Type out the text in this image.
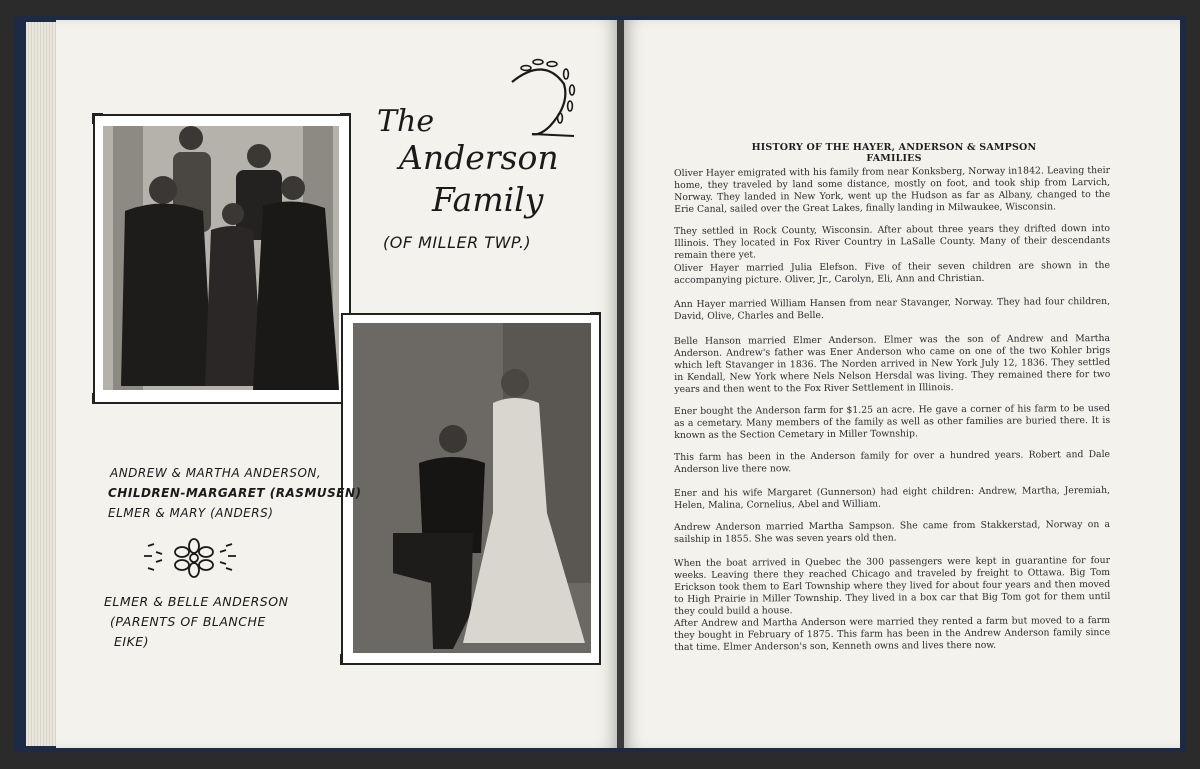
The
Anderson
Family
(OF MILLER TWP.)
ANDREW & MARTHA ANDERSON,
CHILDREN-MARGARET (RASMUSEN)
ELMER & MARY (ANDERS)
ELMER & BELLE ANDERSON
(PARENTS OF BLANCHE
EIKE)
HISTORY OF THE HAYER, ANDERSON & SAMPSON FAMILIES

Oliver Hayer emigrated with his family from near Konksberg, Norway in1842. Leaving their home, they traveled by land some distance, mostly on foot, and took ship from Larvich, Norway. They landed in New York, went up the Hudson as far as Albany, changed to the Erie Canal, sailed over the Great Lakes, finally landing in Milwaukee, Wisconsin.

They settled in Rock County, Wisconsin. After about three years they drifted down into Illinois. They located in Fox River Country in LaSalle County. Many of their descendants remain there yet.

Oliver Hayer married Julia Elefson. Five of their seven children are shown in the accompanying picture. Oliver, Jr., Carolyn, Eli, Ann and Christian.

Ann Hayer married William Hansen from near Stavanger, Norway. They had four children, David, Olive, Charles and Belle.

Belle Hanson married Elmer Anderson. Elmer was the son of Andrew and Martha Anderson. Andrew's father was Ener Anderson who came on one of the two Kohler brigs which left Stavanger in 1836. The Norden arrived in New York July 12, 1836. They settled in Kendall, New York where Nels Nelson Hersdal was living. They remained there for two years and then went to the Fox River Settlement in Illinois.

Ener bought the Anderson farm for $1.25 an acre. He gave a corner of his farm to be used as a cemetary. Many members of the family as well as other families are buried there. It is known as the Section Cemetary in Miller Township.

This farm has been in the Anderson family for over a hundred years. Robert and Dale Anderson live there now.

Ener and his wife Margaret (Gunnerson) had eight children: Andrew, Martha, Jeremiah, Helen, Malina, Cornelius, Abel and William.

Andrew Anderson married Martha Sampson. She came from Stakkerstad, Norway on a sailship in 1855. She was seven years old then.

When the boat arrived in Quebec the 300 passengers were kept in guarantine for four weeks. Leaving there they reached Chicago and traveled by freight to Ottawa. Big Tom Erickson took them to Earl Township where they lived for about four years and then moved to High Prairie in Miller Township. They lived in a box car that Big Tom got for them until they could build a house.

After Andrew and Martha Anderson were married they rented a farm but moved to a farm they bought in February of 1875. This farm has been in the Andrew Anderson family since that time. Elmer Anderson's son, Kenneth owns and lives there now.
